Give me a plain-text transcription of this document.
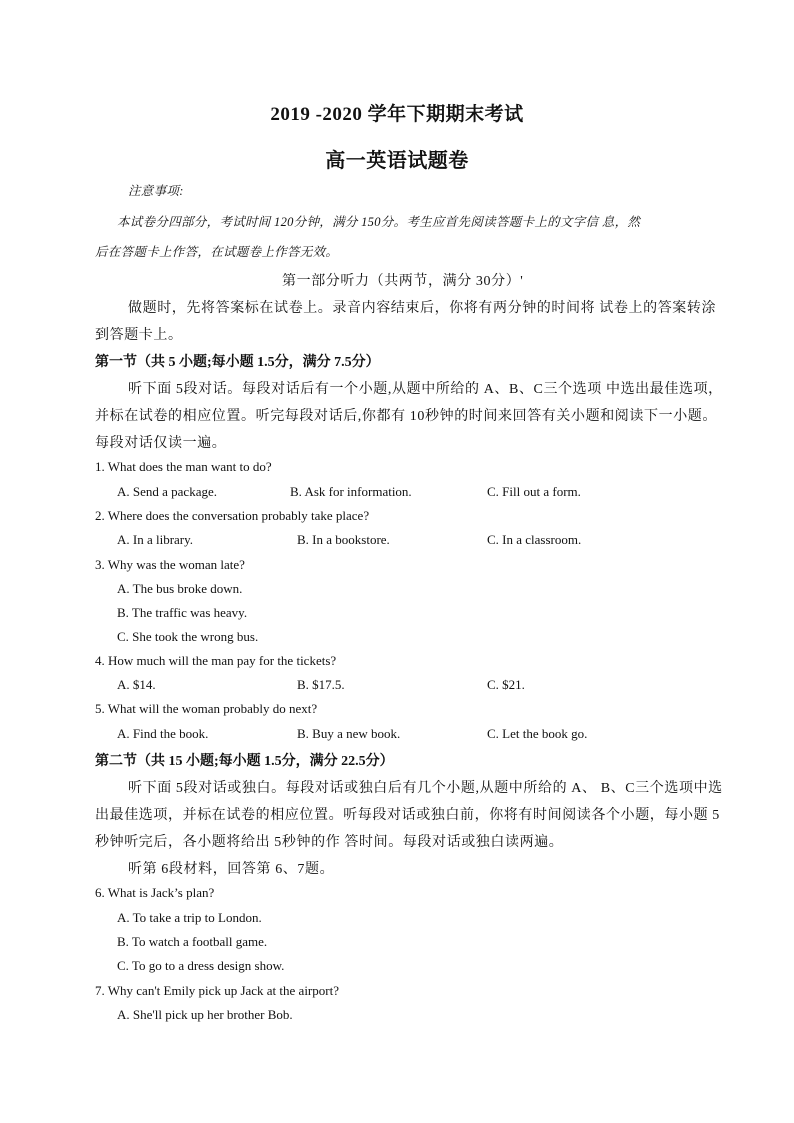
2019 -2020 学年下期期末考试
高一英语试题卷
注意事项:
本试卷分四部分，考试时间 120分钟，满分 150分。考生应首先阅读答题卡上的文字信 息，然
后在答题卡上作答，在试题卷上作答无效。
第一部分听力（共两节，满分 30分）'
做题时，先将答案标在试卷上。录音内容结束后，你将有两分钟的时间将 试卷上的答案转涂
到答题卡上。
第一节（共 5 小题;每小题 1.5分，满分 7.5分）
听下面 5段对话。每段对话后有一个小题,从题中所给的 A、B、C三个选项 中选出最佳选项，
并标在试卷的相应位置。听完每段对话后,你都有 10秒钟的时间来回答有关小题和阅读下一小题。
每段对话仅读一遍。
1. What does the man want to do?
A. Send a package.	B. Ask for information.	C. Fill out a form.
2. Where does the conversation probably take place?
A. In a library.	B. In a bookstore.	C. In a classroom.
3. Why was the woman late?
A. The bus broke down.
B. The traffic was heavy.
C. She took the wrong bus.
4. How much will the man pay for the tickets?
A. $14.	B. $17.5.	C. $21.
5. What will the woman probably do next?
A. Find the book.	B. Buy a new book.	C. Let the book go.
第二节（共 15 小题;每小题 1.5分，满分 22.5分）
听下面 5段对话或独白。每段对话或独白后有几个小题,从题中所给的 A、 B、C三个选项中选
出最佳选项，并标在试卷的相应位置。听每段对话或独白前，你将有时间阅读各个小题，每小题 5
秒钟听完后，各小题将给出 5秒钟的作 答时间。每段对话或独白读两遍。
听第 6段材料，回答第 6、7题。
6. What is Jack’s plan?
A. To take a trip to London.
B. To watch a football game.
C. To go to a dress design show.
7. Why can't Emily pick up Jack at the airport?
A. She'll pick up her brother Bob.
